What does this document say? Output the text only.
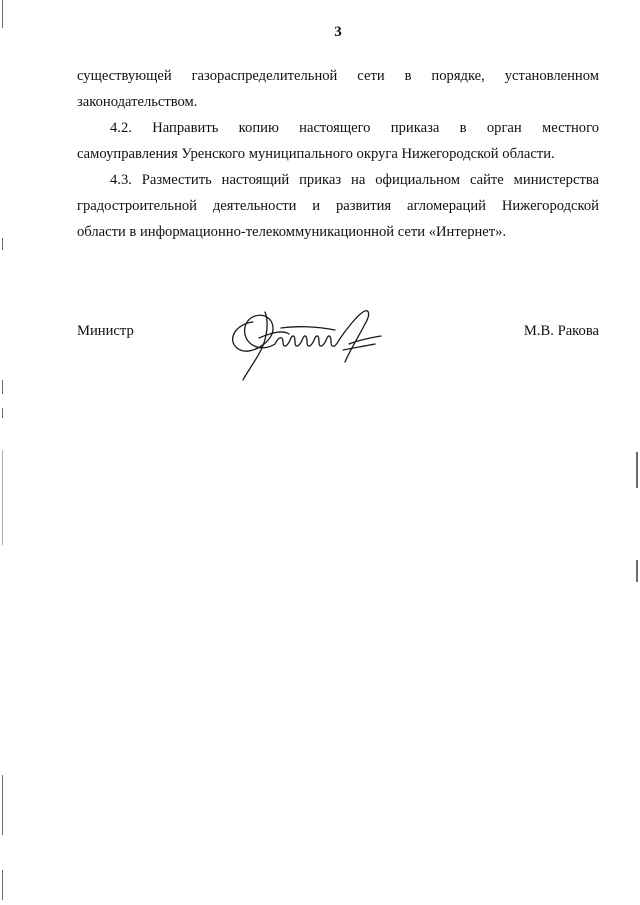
3

существующей газораспределительной сети в порядке, установленном
законодательством.

4.2. Направить копию настоящего приказа в орган местного
самоуправления Уренского муниципального округа Нижегородской области.

4.3. Разместить настоящий приказ на официальном сайте министерства
градостроительной деятельности и развития агломераций Нижегородской
области в информационно-телекоммуникационной сети «Интернет».

Министр	М.В. Ракова
